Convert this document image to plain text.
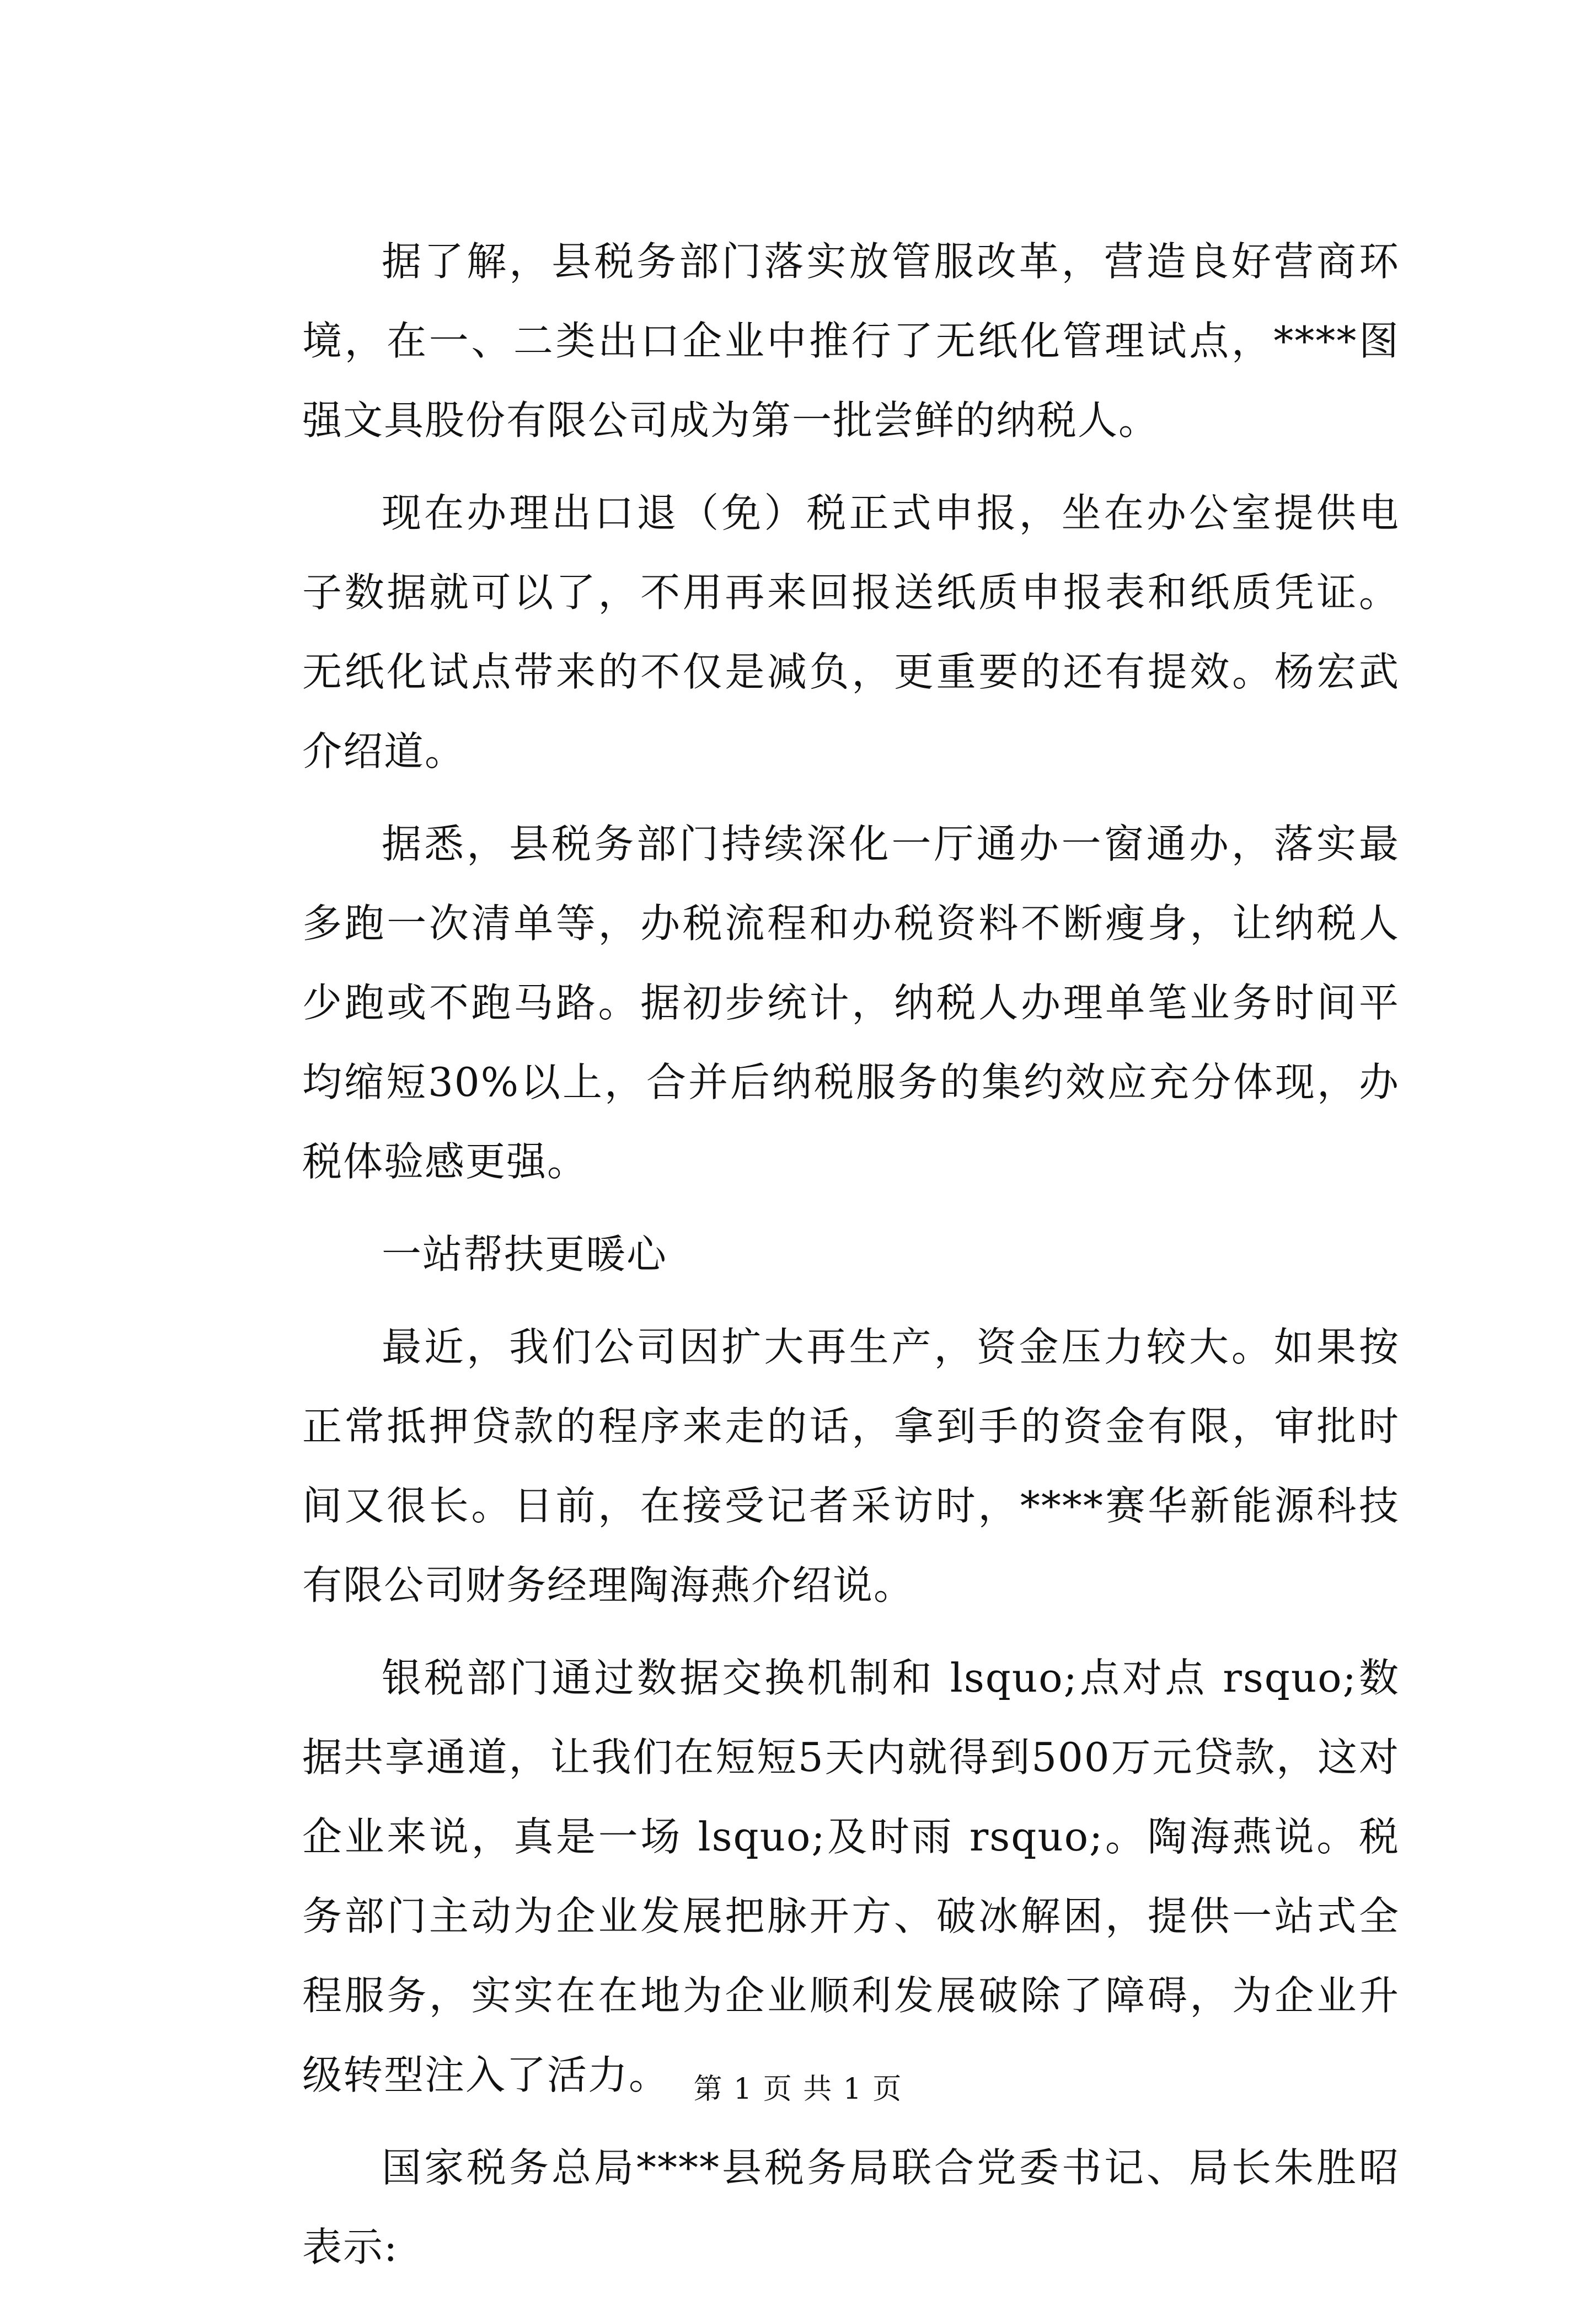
据了解，县税务部门落实放管服改革，营造良好营商环境，在一、二类出口企业中推行了无纸化管理试点，****图强文具股份有限公司成为第一批尝鲜的纳税人。

现在办理出口退（免）税正式申报，坐在办公室提供电子数据就可以了，不用再来回报送纸质申报表和纸质凭证。无纸化试点带来的不仅是减负，更重要的还有提效。杨宏武介绍道。

据悉，县税务部门持续深化一厅通办一窗通办，落实最多跑一次清单等，办税流程和办税资料不断瘦身，让纳税人少跑或不跑马路。据初步统计，纳税人办理单笔业务时间平均缩短30%以上，合并后纳税服务的集约效应充分体现，办税体验感更强。

一站帮扶更暖心

最近，我们公司因扩大再生产，资金压力较大。如果按正常抵押贷款的程序来走的话，拿到手的资金有限，审批时间又很长。日前，在接受记者采访时，****赛华新能源科技有限公司财务经理陶海燕介绍说。

银税部门通过数据交换机制和 lsquo;点对点 rsquo;数据共享通道，让我们在短短5天内就得到500万元贷款，这对企业来说，真是一场 lsquo;及时雨 rsquo;。陶海燕说。税务部门主动为企业发展把脉开方、破冰解困，提供一站式全程服务，实实在在地为企业顺利发展破除了障碍，为企业升级转型注入了活力。

国家税务总局****县税务局联合党委书记、局长朱胜昭表示:

第 1 页 共 1 页
